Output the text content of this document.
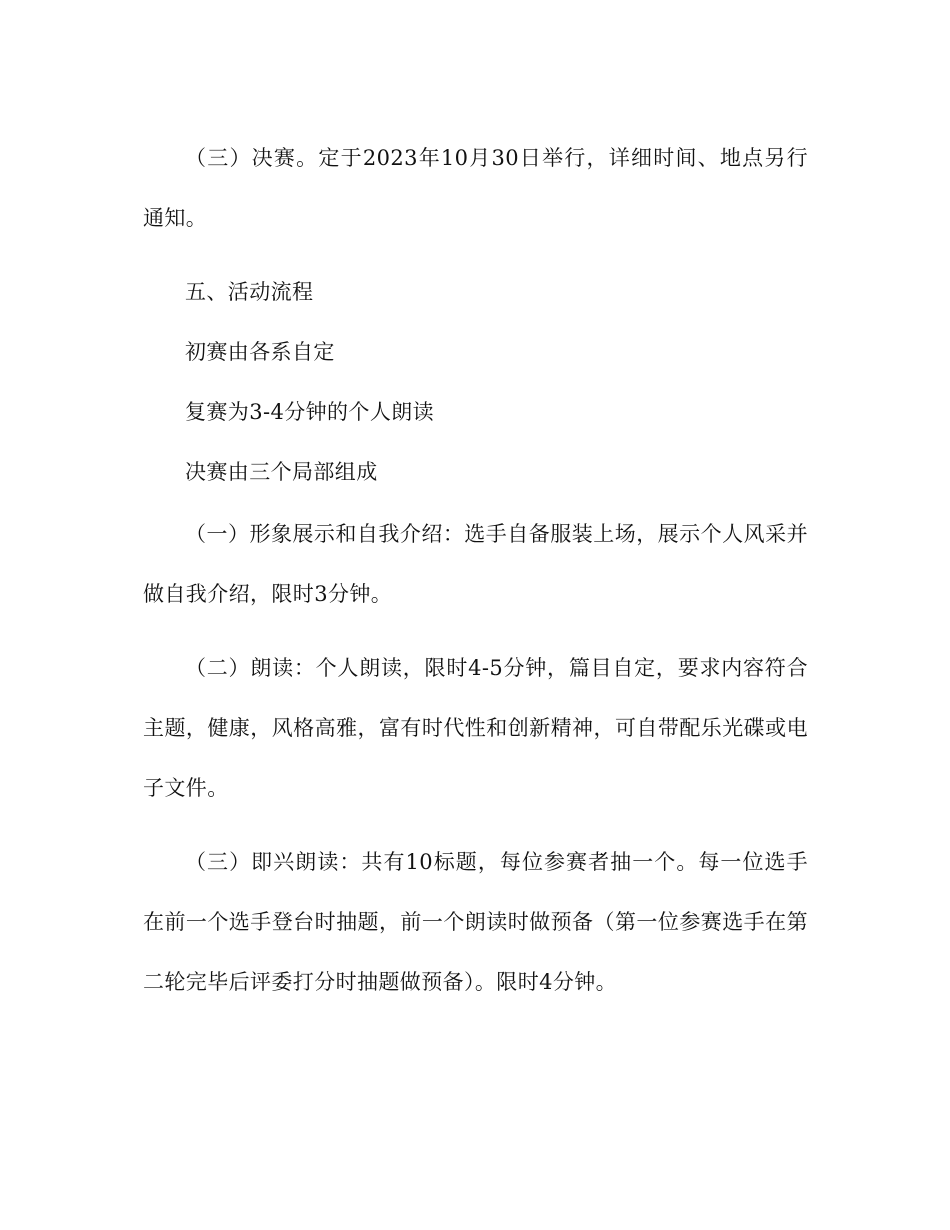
（三）决赛。定于2023年10月30日举行，详细时间、地点另行通知。

五、活动流程

初赛由各系自定

复赛为3-4分钟的个人朗读

决赛由三个局部组成

（一）形象展示和自我介绍：选手自备服装上场，展示个人风采并做自我介绍，限时3分钟。

（二）朗读：个人朗读，限时4-5分钟，篇目自定，要求内容符合主题，健康，风格高雅，富有时代性和创新精神，可自带配乐光碟或电子文件。

（三）即兴朗读：共有10标题，每位参赛者抽一个。每一位选手在前一个选手登台时抽题，前一个朗读时做预备（第一位参赛选手在第二轮完毕后评委打分时抽题做预备）。限时4分钟。
